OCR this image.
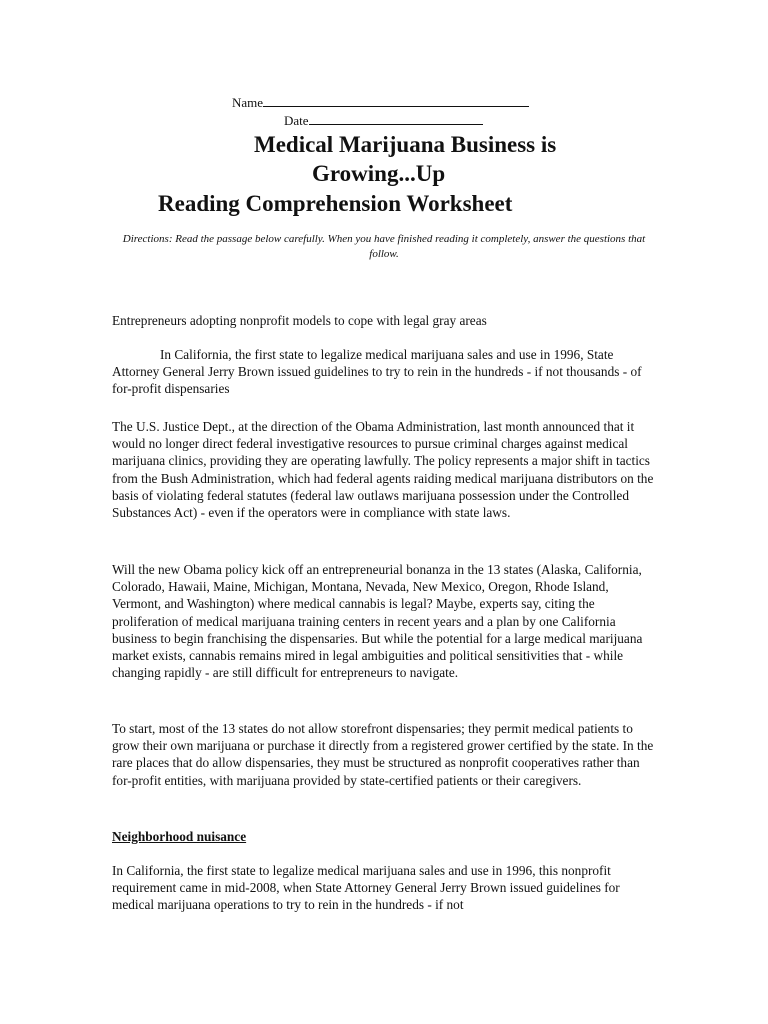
Name
Date
Medical Marijuana Business is
Growing...Up
Reading Comprehension Worksheet
Directions: Read the passage below carefully. When you have finished reading it completely, answer the questions that follow.
Entrepreneurs adopting nonprofit models to cope with legal gray areas

In California, the first state to legalize medical marijuana sales and use in 1996, State Attorney General Jerry Brown issued guidelines to try to rein in the hundreds - if not thousands - of for-profit dispensaries

The U.S. Justice Dept., at the direction of the Obama Administration, last month announced that it would no longer direct federal investigative resources to pursue criminal charges against medical marijuana clinics, providing they are operating lawfully. The policy represents a major shift in tactics from the Bush Administration, which had federal agents raiding medical marijuana distributors on the basis of violating federal statutes (federal law outlaws marijuana possession under the Controlled Substances Act) - even if the operators were in compliance with state laws.

Will the new Obama policy kick off an entrepreneurial bonanza in the 13 states (Alaska, California, Colorado, Hawaii, Maine, Michigan, Montana, Nevada, New Mexico, Oregon, Rhode Island, Vermont, and Washington) where medical cannabis is legal? Maybe, experts say, citing the proliferation of medical marijuana training centers in recent years and a plan by one California business to begin franchising the dispensaries. But while the potential for a large medical marijuana market exists, cannabis remains mired in legal ambiguities and political sensitivities that - while changing rapidly - are still difficult for entrepreneurs to navigate.

To start, most of the 13 states do not allow storefront dispensaries; they permit medical patients to grow their own marijuana or purchase it directly from a registered grower certified by the state. In the rare places that do allow dispensaries, they must be structured as nonprofit cooperatives rather than for-profit entities, with marijuana provided by state-certified patients or their caregivers.

Neighborhood nuisance

In California, the first state to legalize medical marijuana sales and use in 1996, this nonprofit requirement came in mid-2008, when State Attorney General Jerry Brown issued guidelines for medical marijuana operations to try to rein in the hundreds - if not
